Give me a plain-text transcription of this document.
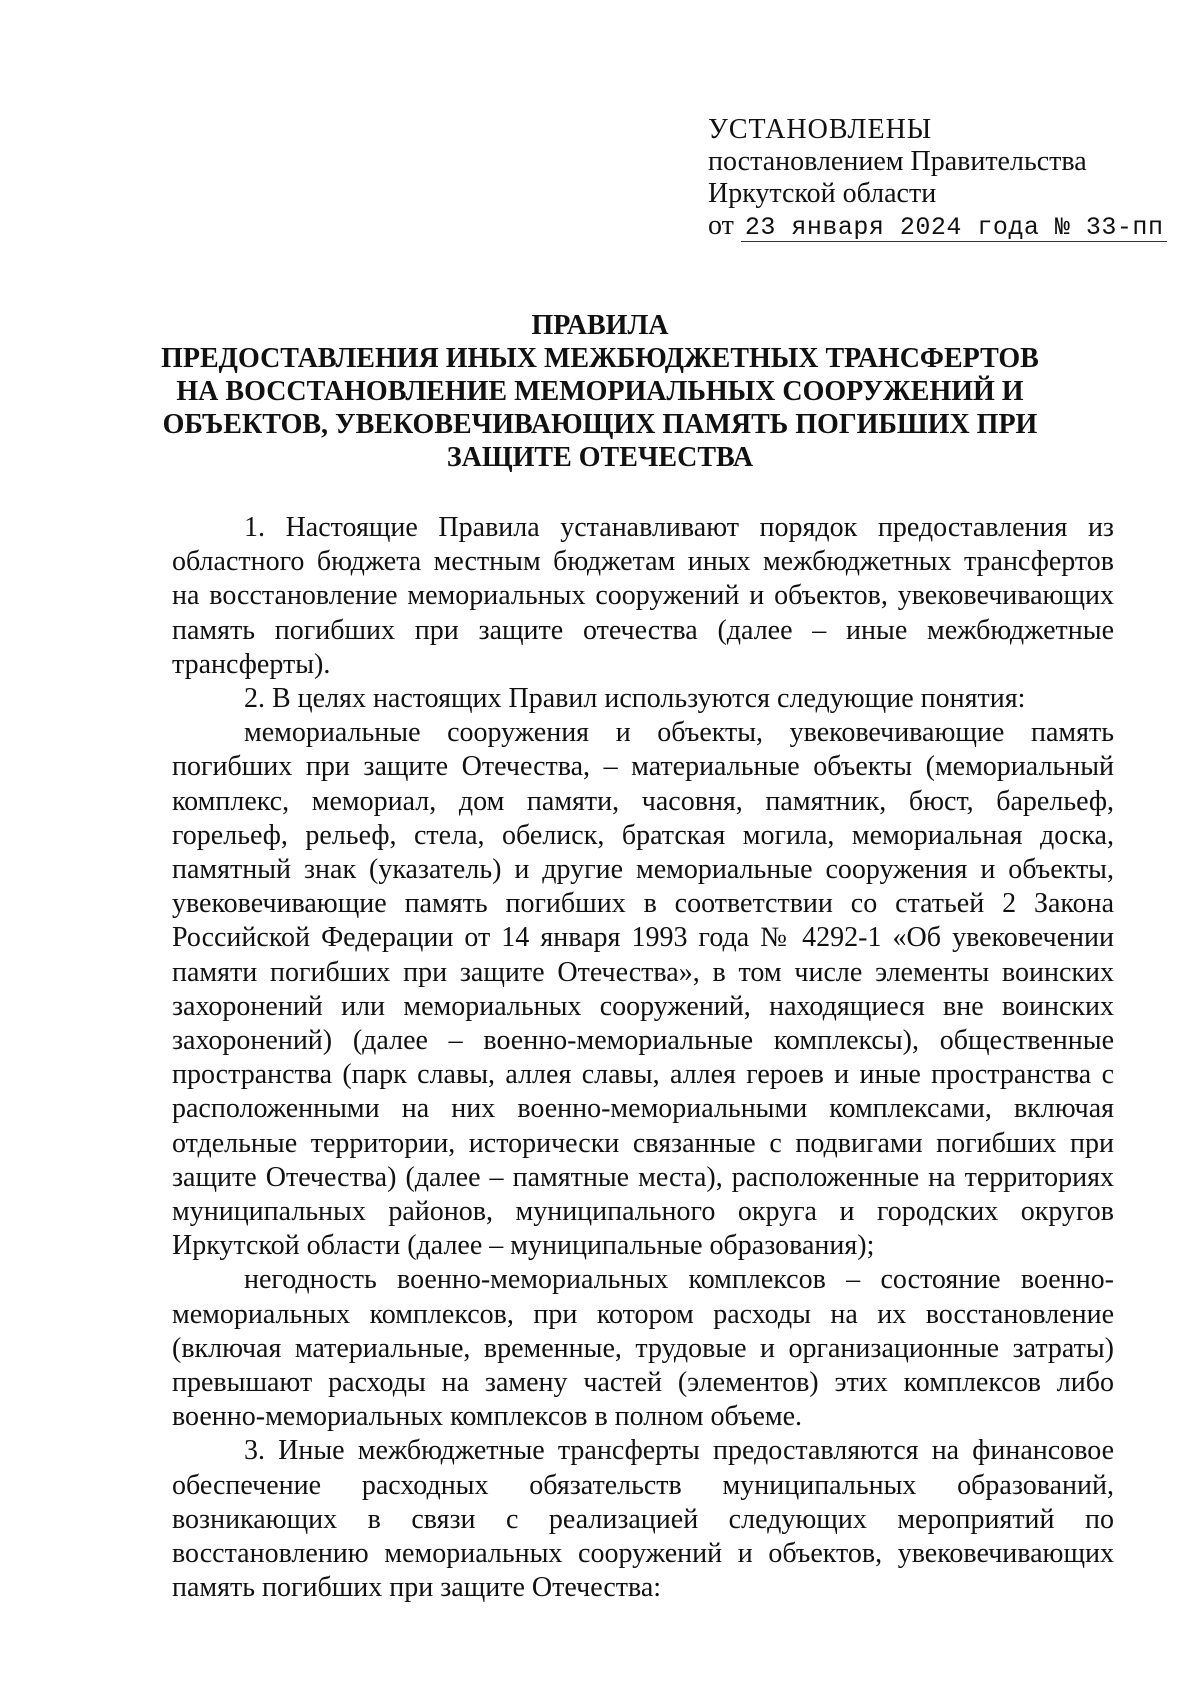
УСТАНОВЛЕНЫ
постановлением Правительства
Иркутской области
от 23 января 2024 года № 33-пп
ПРАВИЛА
ПРЕДОСТАВЛЕНИЯ ИНЫХ МЕЖБЮДЖЕТНЫХ ТРАНСФЕРТОВ
НА ВОССТАНОВЛЕНИЕ МЕМОРИАЛЬНЫХ СООРУЖЕНИЙ И
ОБЪЕКТОВ, УВЕКОВЕЧИВАЮЩИХ ПАМЯТЬ ПОГИБШИХ ПРИ
ЗАЩИТЕ ОТЕЧЕСТВА

1. Настоящие Правила устанавливают порядок предоставления из областного бюджета местным бюджетам иных межбюджетных трансфертов на восстановление мемориальных сооружений и объектов, увековечивающих память погибших при защите отечества (далее – иные межбюджетные трансферты).

2. В целях настоящих Правил используются следующие понятия:

мемориальные сооружения и объекты, увековечивающие память погибших при защите Отечества, – материальные объекты (мемориальный комплекс, мемориал, дом памяти, часовня, памятник, бюст, барельеф, горельеф, рельеф, стела, обелиск, братская могила, мемориальная доска, памятный знак (указатель) и другие мемориальные сооружения и объекты, увековечивающие память погибших в соответствии со статьей 2 Закона Российской Федерации от 14 января 1993 года № 4292-1 «Об увековечении памяти погибших при защите Отечества», в том числе элементы воинских захоронений или мемориальных сооружений, находящиеся вне воинских захоронений) (далее – военно-мемориальные комплексы), общественные пространства (парк славы, аллея славы, аллея героев и иные пространства с расположенными на них военно-мемориальными комплексами, включая отдельные территории, исторически связанные с подвигами погибших при защите Отечества) (далее – памятные места), расположенные на территориях муниципальных районов, муниципального округа и городских округов Иркутской области (далее – муниципальные образования);

негодность военно-мемориальных комплексов – состояние военно-мемориальных комплексов, при котором расходы на их восстановление (включая материальные, временные, трудовые и организационные затраты) превышают расходы на замену частей (элементов) этих комплексов либо военно-мемориальных комплексов в полном объеме.

3. Иные межбюджетные трансферты предоставляются на финансовое обеспечение расходных обязательств муниципальных образований, возникающих в связи с реализацией следующих мероприятий по восстановлению мемориальных сооружений и объектов, увековечивающих память погибших при защите Отечества:
